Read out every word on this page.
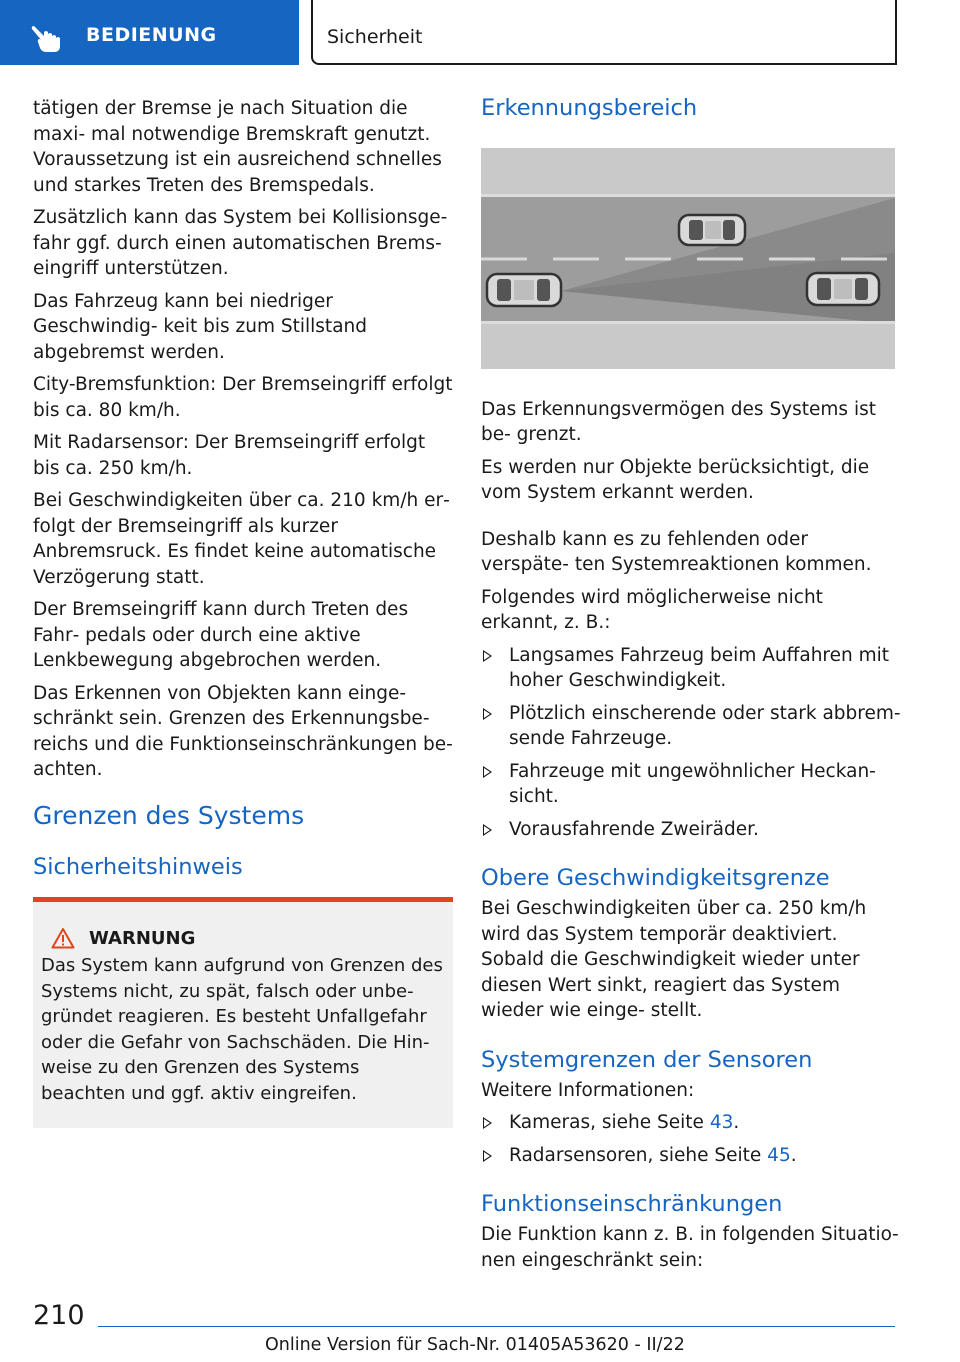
BEDIENUNG	Sicherheit

tätigen der Bremse je nach Situation die maxi‐ mal notwendige Bremskraft genutzt. Voraussetzung ist ein ausreichend schnelles und starkes Treten des Bremspedals.

Zusätzlich kann das System bei Kollisionsge‐ fahr ggf. durch einen automatischen Brems‐ eingriff unterstützen.

Das Fahrzeug kann bei niedriger Geschwindig‐ keit bis zum Stillstand abgebremst werden.

City-Bremsfunktion: Der Bremseingriff erfolgt bis ca. 80 km/h.

Mit Radarsensor: Der Bremseingriff erfolgt bis ca. 250 km/h.

Bei Geschwindigkeiten über ca. 210 km/h er‐ folgt der Bremseingriff als kurzer Anbremsruck. Es findet keine automatische Verzögerung statt.

Der Bremseingriff kann durch Treten des Fahr‐ pedals oder durch eine aktive Lenkbewegung abgebrochen werden.

Das Erkennen von Objekten kann einge‐ schränkt sein. Grenzen des Erkennungsbe‐ reichs und die Funktionseinschränkungen be‐ achten.

Grenzen des Systems
Sicherheitshinweis
WARNUNG
Das System kann aufgrund von Grenzen des Systems nicht, zu spät, falsch oder unbe‐ gründet reagieren. Es besteht Unfallgefahr oder die Gefahr von Sachschäden. Die Hin‐ weise zu den Grenzen des Systems beachten und ggf. aktiv eingreifen.
Erkennungsbereich

Das Erkennungsvermögen des Systems ist be‐ grenzt.

Es werden nur Objekte berücksichtigt, die vom System erkannt werden.

Deshalb kann es zu fehlenden oder verspäte‐ ten Systemreaktionen kommen.

Folgendes wird möglicherweise nicht erkannt, z. B.:

Langsames Fahrzeug beim Auffahren mit hoher Geschwindigkeit.
Plötzlich einscherende oder stark abbrem‐ sende Fahrzeuge.
Fahrzeuge mit ungewöhnlicher Heckan‐ sicht.
Vorausfahrende Zweiräder.
Obere Geschwindigkeitsgrenze

Bei Geschwindigkeiten über ca. 250 km/h wird das System temporär deaktiviert. Sobald die Geschwindigkeit wieder unter diesen Wert sinkt, reagiert das System wieder wie einge‐ stellt.

Systemgrenzen der Sensoren

Weitere Informationen:

Kameras, siehe Seite 43.
Radarsensoren, siehe Seite 45.
Funktionseinschränkungen

Die Funktion kann z. B. in folgenden Situatio‐ nen eingeschränkt sein:

210
Online Version für Sach-Nr. 01405A53620 - II/22
